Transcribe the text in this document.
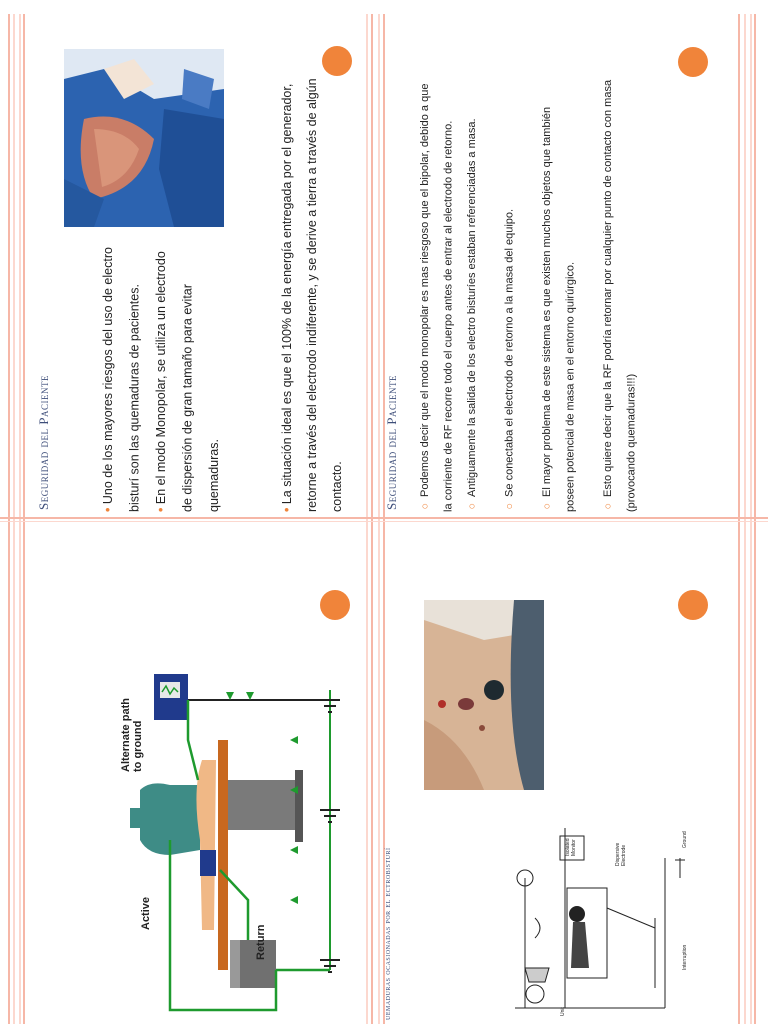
Seguridad del Paciente	• Uno de los mayores riesgos del uso de electro bisturí son las quemaduras de pacientes.	• En el modo Monopolar, se utiliza un electrodo de dispersión de gran tamaño para evitar quemaduras.	• La situación ideal es que el 100% de la energía entregada por el generador, retorne a través del electrodo indiferente, y se derive a tierra a través de algún contacto.	Seguridad del Paciente	○ Podemos decir que el modo monopolar es mas riesgoso que el bipolar, debido a que la corriente de RF recorre todo el cuerpo antes de entrar al electrodo de retorno.	○ Antiguamente la salida de los electro bisturíes estaban referenciadas a masa.

○ Se conectaba el electrodo de retorno a la masa del equipo.

○ El mayor problema de este sistema es que existen muchos objetos que también poseen potencial de masa en el entorno quirúrgico.	○ Esto quiere decir que la RF podría retornar por cualquier punto de contacto con masa (provocando quemaduras!!!)

Alternate path
to ground
Active
Return	uemaduras ocasionadas por el ectrobisturí
Isolated Monitor	Dispersive Electrode
Ground
Interruption
Unit
